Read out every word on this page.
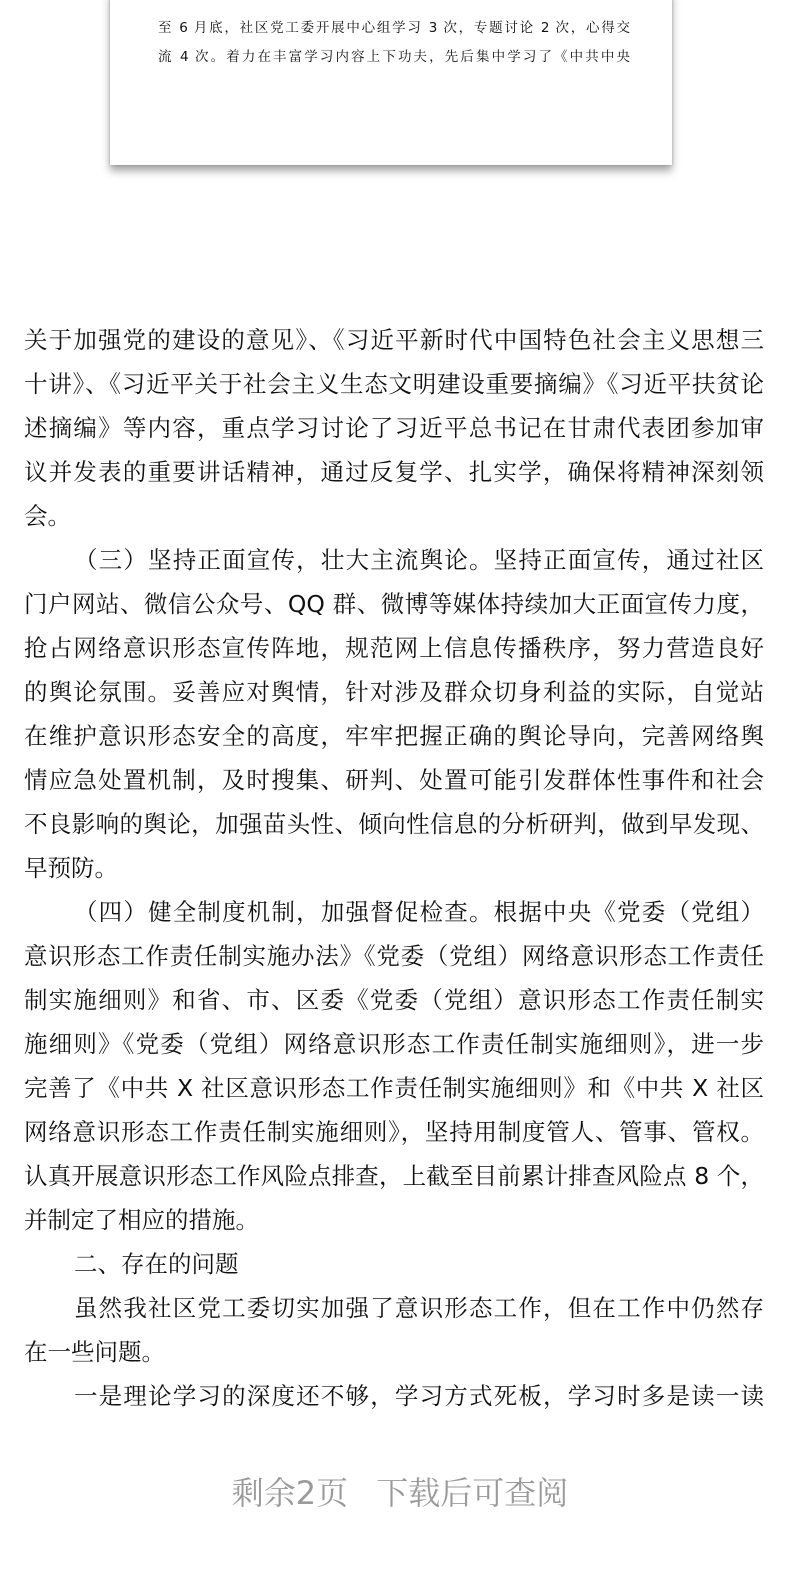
至 6 月底，社区党工委开展中心组学习 3 次，专题讨论 2 次，心得交
流 4 次。着力在丰富学习内容上下功夫，先后集中学习了《中共中央
关于加强党的建设的意见》、《习近平新时代中国特色社会主义思想三
十讲》、《习近平关于社会主义生态文明建设重要摘编》《习近平扶贫论
述摘编》等内容，重点学习讨论了习近平总书记在甘肃代表团参加审
议并发表的重要讲话精神，通过反复学、扎实学，确保将精神深刻领
会。
（三）坚持正面宣传，壮大主流舆论。坚持正面宣传，通过社区
门户网站、微信公众号、QQ 群、微博等媒体持续加大正面宣传力度，
抢占网络意识形态宣传阵地，规范网上信息传播秩序，努力营造良好
的舆论氛围。妥善应对舆情，针对涉及群众切身利益的实际，自觉站
在维护意识形态安全的高度，牢牢把握正确的舆论导向，完善网络舆
情应急处置机制，及时搜集、研判、处置可能引发群体性事件和社会
不良影响的舆论，加强苗头性、倾向性信息的分析研判，做到早发现、
早预防。
（四）健全制度机制，加强督促检查。根据中央《党委（党组）
意识形态工作责任制实施办法》《党委（党组）网络意识形态工作责任
制实施细则》和省、市、区委《党委（党组）意识形态工作责任制实
施细则》《党委（党组）网络意识形态工作责任制实施细则》，进一步
完善了《中共 X 社区意识形态工作责任制实施细则》和《中共 X 社区
网络意识形态工作责任制实施细则》，坚持用制度管人、管事、管权。
认真开展意识形态工作风险点排查，上截至目前累计排查风险点 8 个，
并制定了相应的措施。
二、存在的问题
虽然我社区党工委切实加强了意识形态工作，但在工作中仍然存
在一些问题。
一是理论学习的深度还不够，学习方式死板，学习时多是读一读
剩余2页 下载后可查阅
